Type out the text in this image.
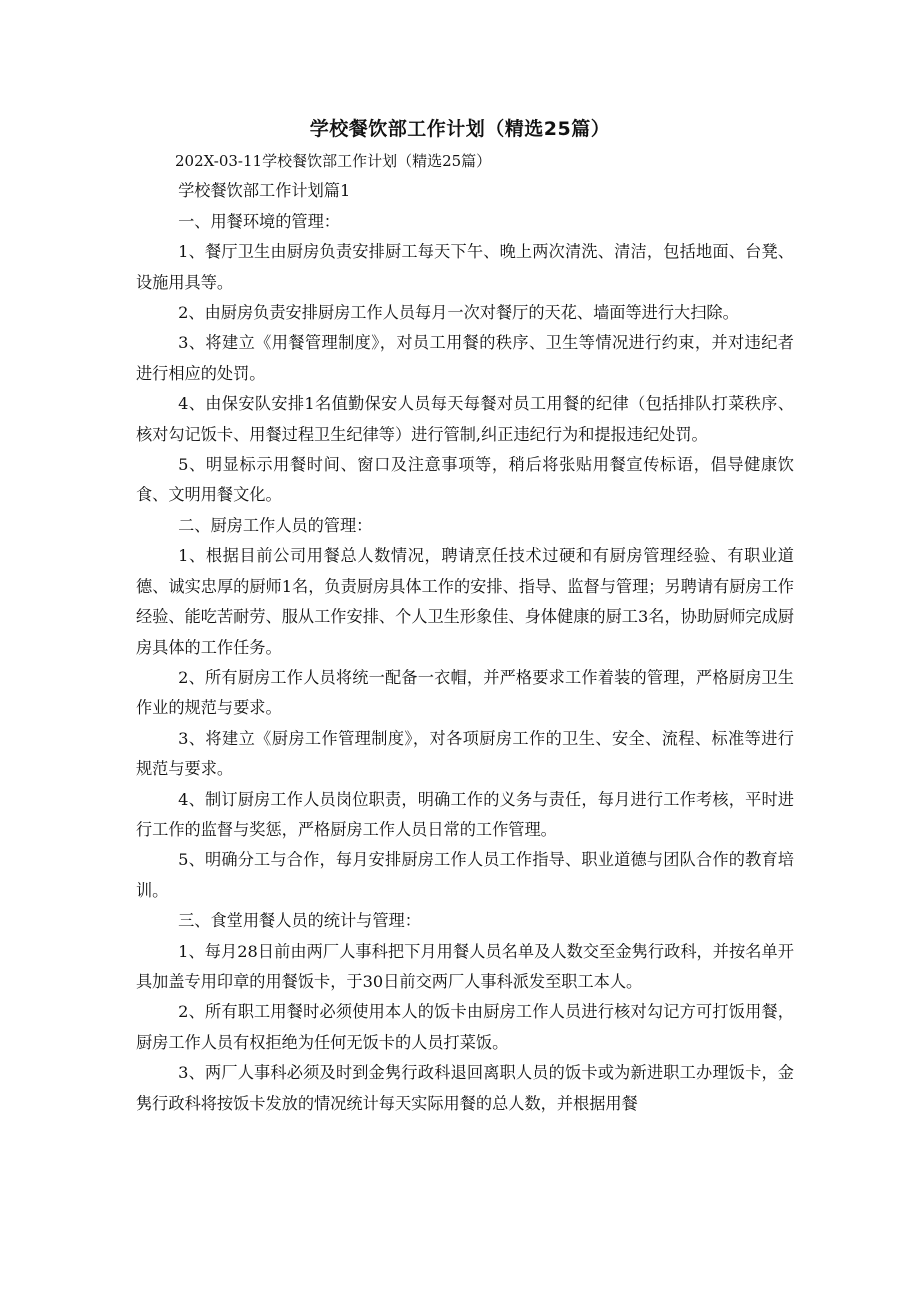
学校餐饮部工作计划（精选25篇）

202X-03-11学校餐饮部工作计划（精选25篇）

学校餐饮部工作计划篇1

一、用餐环境的管理：

1、餐厅卫生由厨房负责安排厨工每天下午、晚上两次清洗、清洁，包括地面、台凳、设施用具等。

2、由厨房负责安排厨房工作人员每月一次对餐厅的天花、墙面等进行大扫除。

3、将建立《用餐管理制度》，对员工用餐的秩序、卫生等情况进行约束，并对违纪者进行相应的处罚。

4、由保安队安排1名值勤保安人员每天每餐对员工用餐的纪律（包括排队打菜秩序、核对勾记饭卡、用餐过程卫生纪律等）进行管制,纠正违纪行为和提报违纪处罚。

5、明显标示用餐时间、窗口及注意事项等，稍后将张贴用餐宣传标语，倡导健康饮食、文明用餐文化。

二、厨房工作人员的管理：

1、根据目前公司用餐总人数情况，聘请烹任技术过硬和有厨房管理经验、有职业道德、诚实忠厚的厨师1名，负责厨房具体工作的安排、指导、监督与管理；另聘请有厨房工作经验、能吃苦耐劳、服从工作安排、个人卫生形象佳、身体健康的厨工3名，协助厨师完成厨房具体的工作任务。

2、所有厨房工作人员将统一配备一衣帽，并严格要求工作着装的管理，严格厨房卫生作业的规范与要求。

3、将建立《厨房工作管理制度》，对各项厨房工作的卫生、安全、流程、标准等进行规范与要求。

4、制订厨房工作人员岗位职责，明确工作的义务与责任，每月进行工作考核，平时进行工作的监督与奖惩，严格厨房工作人员日常的工作管理。

5、明确分工与合作，每月安排厨房工作人员工作指导、职业道德与团队合作的教育培训。

三、食堂用餐人员的统计与管理：

1、每月28日前由两厂人事科把下月用餐人员名单及人数交至金隽行政科，并按名单开具加盖专用印章的用餐饭卡，于30日前交两厂人事科派发至职工本人。

2、所有职工用餐时必须使用本人的饭卡由厨房工作人员进行核对勾记方可打饭用餐，厨房工作人员有权拒绝为任何无饭卡的人员打菜饭。

3、两厂人事科必须及时到金隽行政科退回离职人员的饭卡或为新进职工办理饭卡，金隽行政科将按饭卡发放的情况统计每天实际用餐的总人数，并根据用餐
